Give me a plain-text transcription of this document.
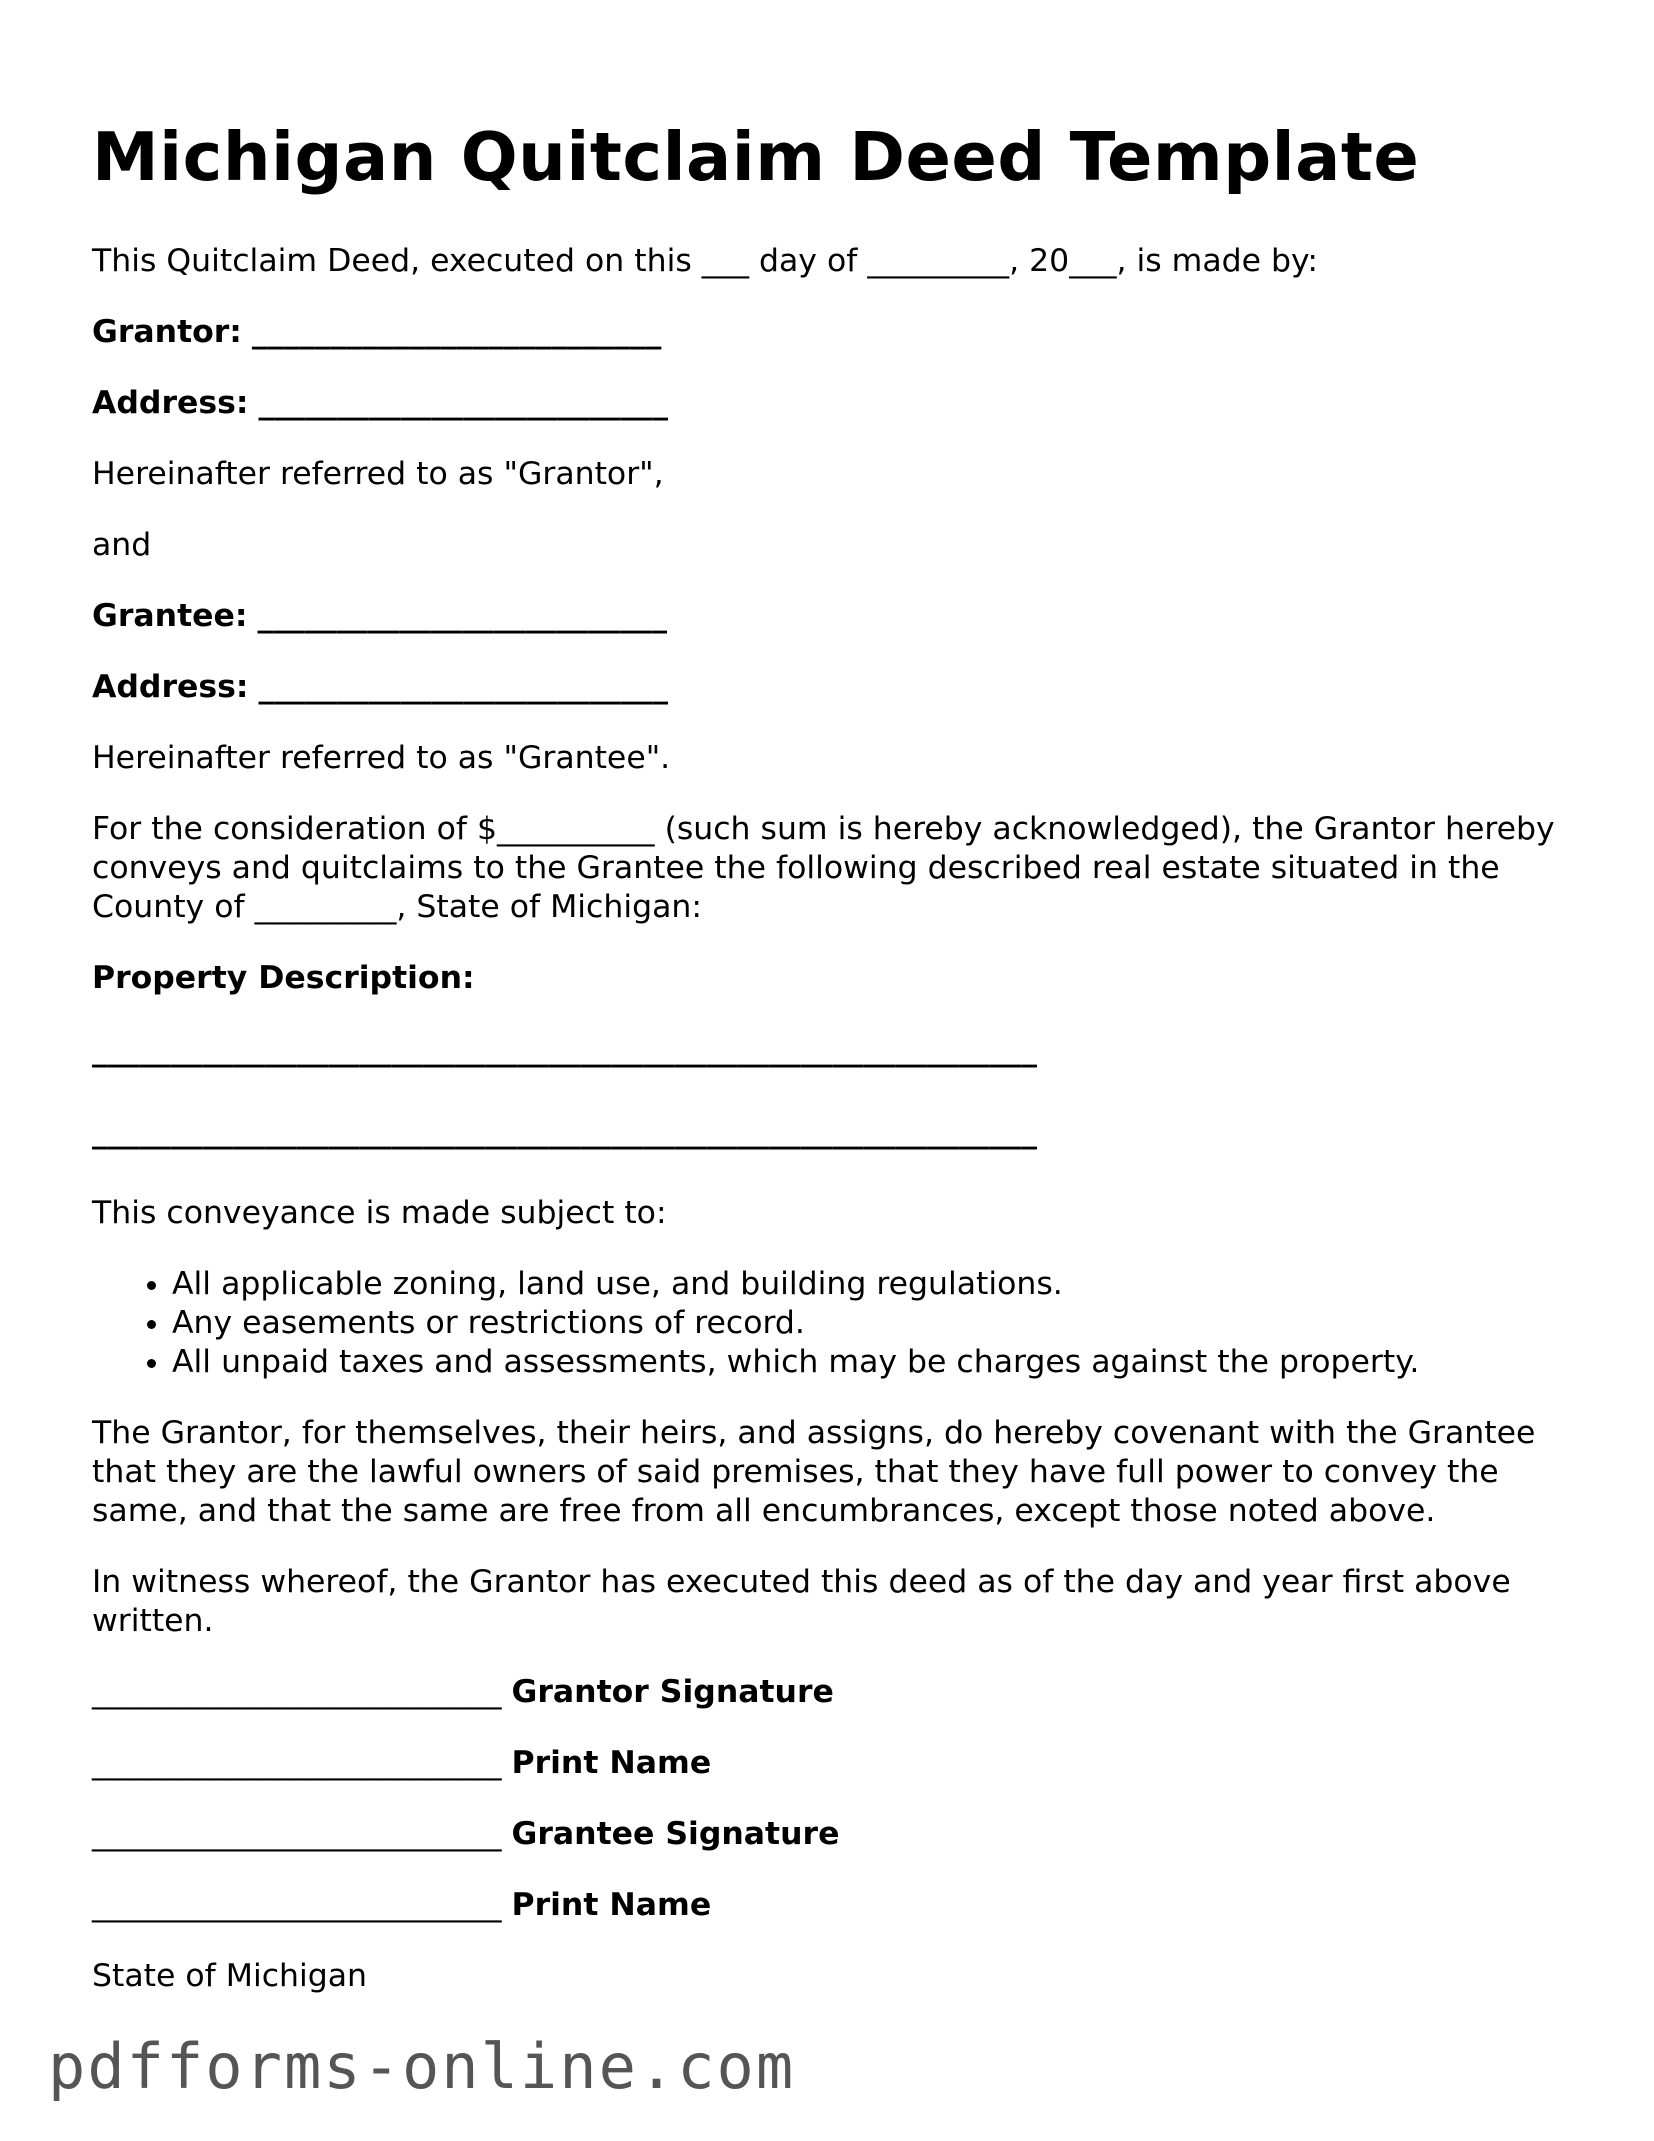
Michigan Quitclaim Deed Template

This Quitclaim Deed, executed on this ___ day of _________, 20___, is made by:

Grantor: __________________________

Address: __________________________

Hereinafter referred to as "Grantor",

and

Grantee: __________________________

Address: __________________________

Hereinafter referred to as "Grantee".

For the consideration of $__________ (such sum is hereby acknowledged), the Grantor hereby conveys and quitclaims to the Grantee the following described real estate situated in the County of _________, State of Michigan:

Property Description:

____________________________________________________________
____________________________________________________________

This conveyance is made subject to:

• All applicable zoning, land use, and building regulations.
• Any easements or restrictions of record.
• All unpaid taxes and assessments, which may be charges against the property.

The Grantor, for themselves, their heirs, and assigns, do hereby covenant with the Grantee that they are the lawful owners of said premises, that they have full power to convey the same, and that the same are free from all encumbrances, except those noted above.

In witness whereof, the Grantor has executed this deed as of the day and year first above written.

__________________________ Grantor Signature

__________________________ Print Name

__________________________ Grantee Signature

__________________________ Print Name

State of Michigan

pdfforms-online.com
